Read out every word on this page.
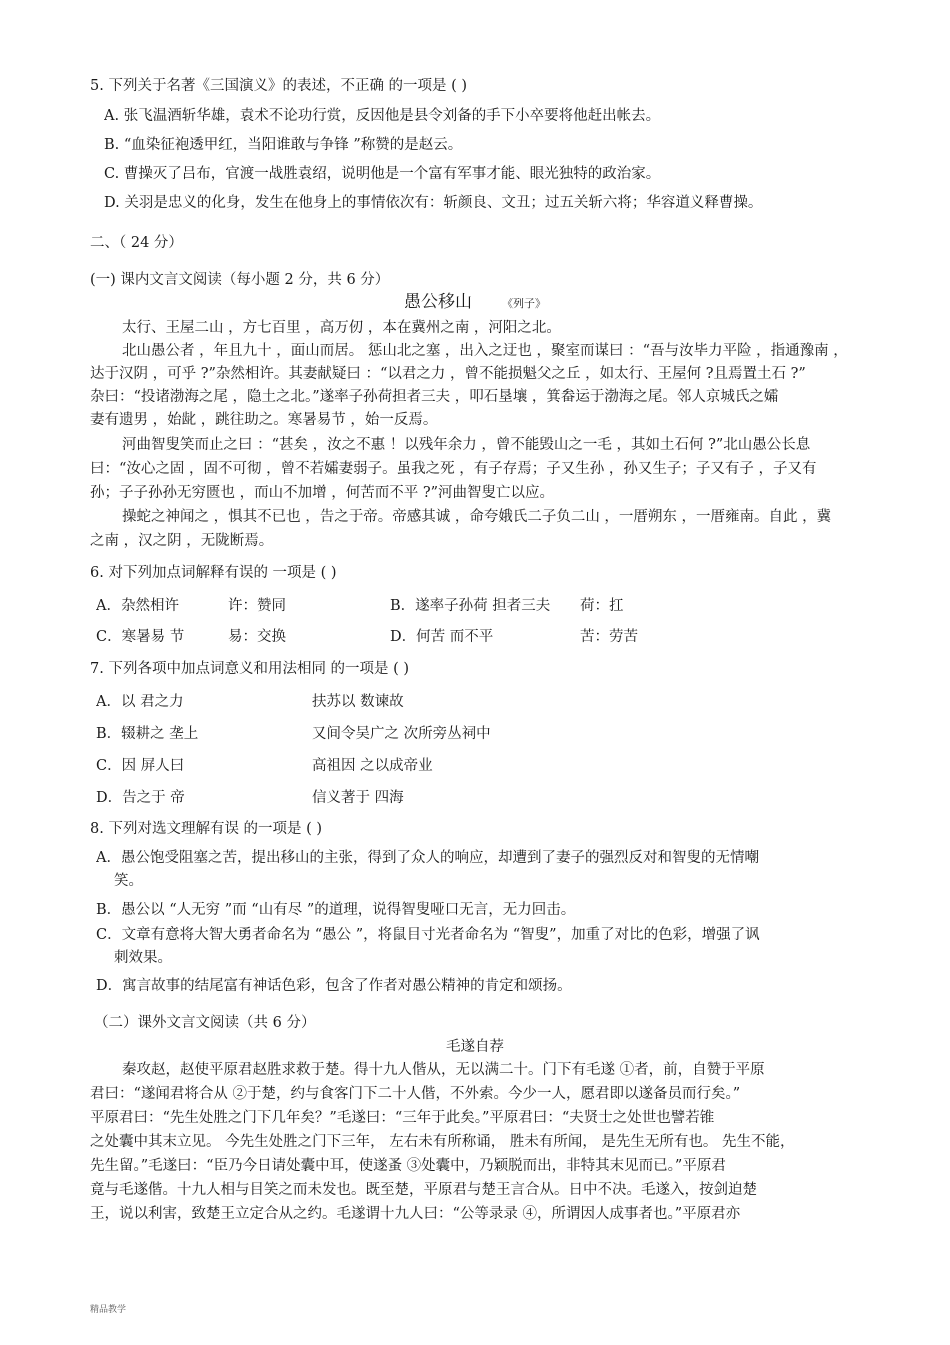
5. 下列关于名著《三国演义》的表述，不正确 的一项是 ( )
A. 张飞温酒斩华雄，袁术不论功行赏，反因他是县令刘备的手下小卒要将他赶出帐去。
B. “血染征袍透甲红，当阳谁敢与争锋 ”称赞的是赵云。
C. 曹操灭了吕布，官渡一战胜袁绍，说明他是一个富有军事才能、眼光独特的政治家。
D. 关羽是忠义的化身，发生在他身上的事情依次有：斩颜良、文丑；过五关斩六将；华容道义释曹操。
二、（ 24 分）
(一) 课内文言文阅读（每小题 2 分，共 6 分）
愚公移山	《列子》
太行、王屋二山 ，方七百里 ，高万仞 ，本在冀州之南 ，河阳之北。
北山愚公者 ，年且九十 ，面山而居。 惩山北之塞 ，出入之迂也 ，聚室而谋曰 ：“吾与汝毕力平险 ，指通豫南 ，
达于汉阴 ，可乎 ?”杂然相许。其妻献疑曰 ：“以君之力 ，曾不能损魁父之丘 ，如太行、王屋何 ?且焉置土石 ?”
杂曰：“投诸渤海之尾 ，隐土之北。”遂率子孙荷担者三夫 ，叩石垦壤 ，箕畚运于渤海之尾。邻人京城氏之孀
妻有遗男 ，始龀 ，跳往助之。寒暑易节 ，始一反焉。
河曲智叟笑而止之曰 ：“甚矣 ，汝之不惠 ！以残年余力 ，曾不能毁山之一毛 ，其如土石何 ?”北山愚公长息
曰：“汝心之固 ，固不可彻 ，曾不若孀妻弱子。虽我之死 ，有子存焉；子又生孙 ，孙又生子；子又有子 ，子又有
孙；子子孙孙无穷匮也 ，而山不加增 ，何苦而不平 ?”河曲智叟亡以应。
操蛇之神闻之 ，惧其不已也 ，告之于帝。帝感其诚 ，命夸娥氏二子负二山 ，一厝朔东 ，一厝雍南。自此 ，冀
之南 ，汉之阴 ，无陇断焉。
6. 对下列加点词解释有误的 一项是 ( )
A．杂然相许	许：赞同	B．遂率子孙荷 担者三夫 荷：扛
C．寒暑易 节	易：交换	D．何苦 而不平	苦：劳苦
7. 下列各项中加点词意义和用法相同 的一项是 ( )
A．以 君之力	扶苏以 数谏故
B．辍耕之 垄上	又间令吴广之 次所旁丛祠中
C．因 屏人曰	高祖因 之以成帝业
D．告之于 帝	信义著于 四海
8. 下列对选文理解有误 的一项是 ( )
A．愚公饱受阻塞之苦，提出移山的主张，得到了众人的响应，却遭到了妻子的强烈反对和智叟的无情嘲
笑。
B．愚公以 “人无穷 ”而 “山有尽 ”的道理，说得智叟哑口无言，无力回击。
C．文章有意将大智大勇者命名为 “愚公 ”，将鼠目寸光者命名为 “智叟”，加重了对比的色彩，增强了讽
刺效果。
D．寓言故事的结尾富有神话色彩，包含了作者对愚公精神的肯定和颂扬。
（二）课外文言文阅读（共 6 分）
毛遂自荐
秦攻赵，赵使平原君赵胜求救于楚。得十九人偕从，无以满二十。门下有毛遂 ①者，前，自赞于平原
君曰：“遂闻君将合从 ②于楚，约与食客门下二十人偕，不外索。今少一人，愿君即以遂备员而行矣。”
平原君曰：“先生处胜之门下几年矣？”毛遂曰：“三年于此矣。”平原君曰：“夫贤士之处世也譬若锥
之处囊中其末立见。 今先生处胜之门下三年， 左右未有所称诵， 胜未有所闻， 是先生无所有也。 先生不能，
先生留。”毛遂曰：“臣乃今日请处囊中耳，使遂蚤 ③处囊中，乃颖脱而出，非特其末见而已。”平原君
竟与毛遂偕。十九人相与目笑之而未发也。既至楚，平原君与楚王言合从。日中不决。毛遂入，按剑迫楚
王，说以利害，致楚王立定合从之约。毛遂谓十九人曰：“公等录录 ④，所谓因人成事者也。”平原君亦
精品教学
